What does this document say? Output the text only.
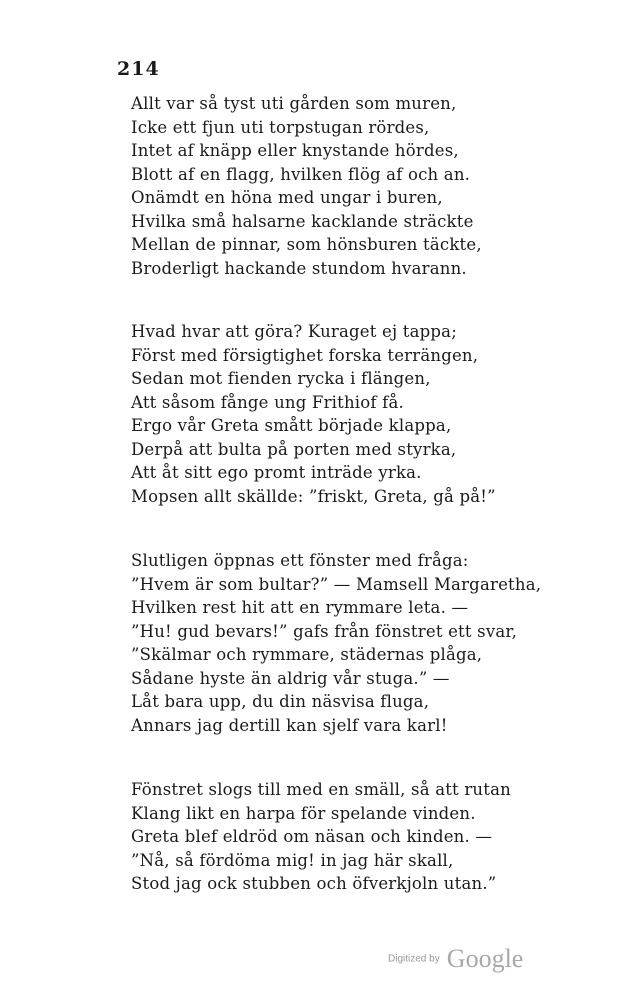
214
Allt var så tyst uti gården som muren,
Icke ett fjun uti torpstugan rördes,
Intet af knäpp eller knystande hördes,
Blott af en flagg, hvilken flög af och an.
Onämdt en höna med ungar i buren,
Hvilka små halsarne kacklande sträckte
Mellan de pinnar, som hönsburen täckte,
Broderligt hackande stundom hvarann.
Hvad hvar att göra? Kuraget ej tappa;
Först med försigtighet forska terrängen,
Sedan mot fienden rycka i flängen,
Att såsom fånge ung Frithiof få.
Ergo vår Greta smått började klappa,
Derpå att bulta på porten med styrka,
Att åt sitt ego promt inträde yrka.
Mopsen allt skällde: ”friskt, Greta, gå på!”
Slutligen öppnas ett fönster med fråga:
”Hvem är som bultar?” — Mamsell Margaretha,
Hvilken rest hit att en rymmare leta. —
”Hu! gud bevars!” gafs från fönstret ett svar,
”Skälmar och rymmare, städernas plåga,
Sådane hyste än aldrig vår stuga.” —
Låt bara upp, du din näsvisa fluga,
Annars jag dertill kan sjelf vara karl!
Fönstret slogs till med en smäll, så att rutan
Klang likt en harpa för spelande vinden.
Greta blef eldröd om näsan och kinden. —
”Nå, så fördöma mig! in jag här skall,
Stod jag ock stubben och öfverkjoln utan.”
Digitized by Google
